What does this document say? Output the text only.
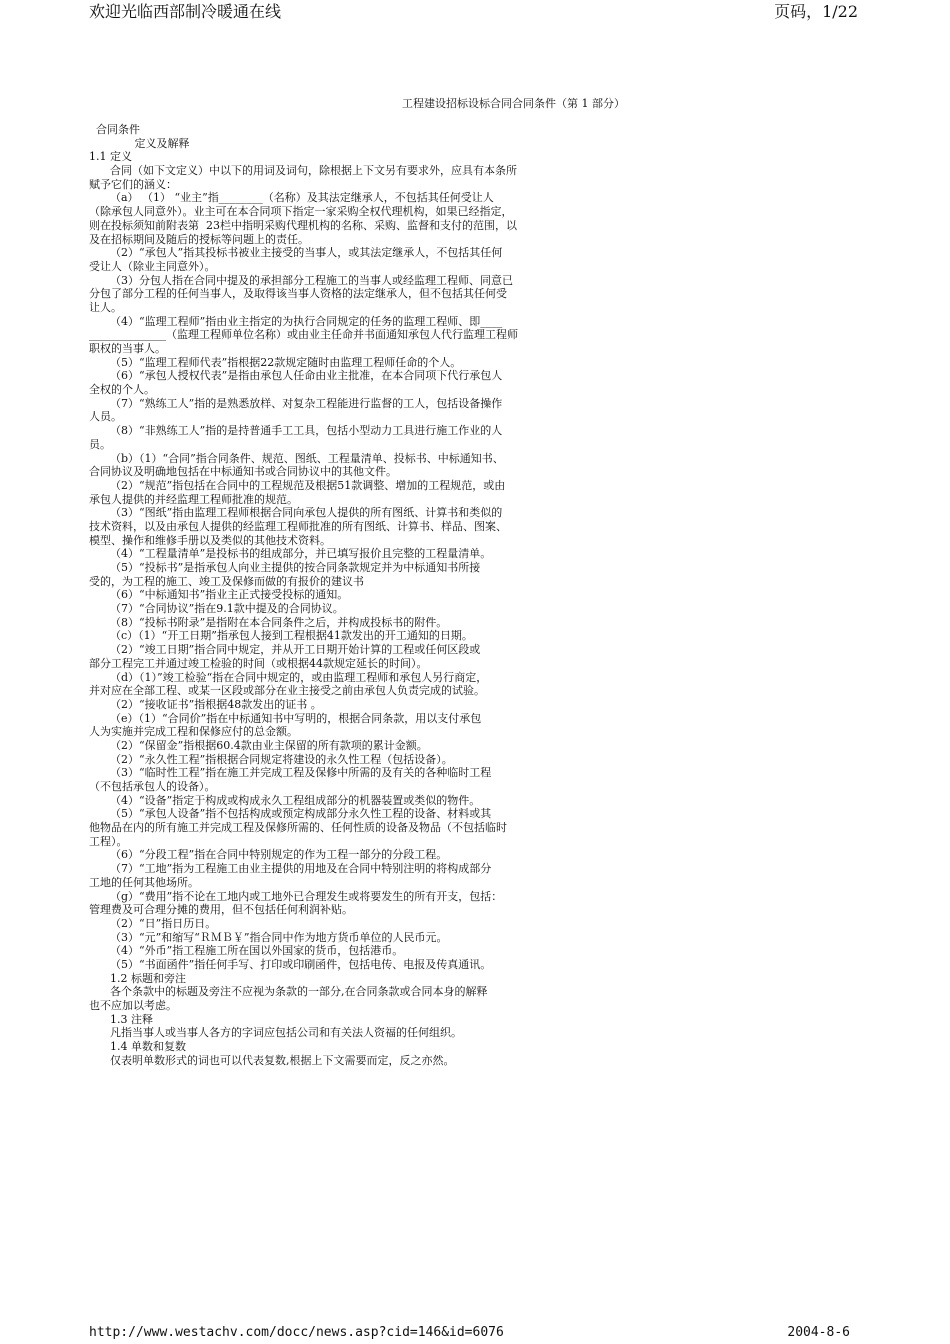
欢迎光临西部制冷暖通在线	页码，1/22
工程建设招标设标合同合同条件（第 1 部分）
合同条件
定义及解释
1.1 定义
合同（如下文定义）中以下的用词及词句，除根据上下文另有要求外，应具有本条所
赋予它们的涵义：
（a） （1） “业主”指________（名称）及其法定继承人，不包括其任何受让人
（除承包人同意外）。业主可在本合同项下指定一家采购全权代理机构，如果已经指定，
则在投标须知前附表第  23栏中指明采购代理机构的名称、采购、监督和支付的范围，以
及在招标期间及随后的授标等问题上的责任。
（2）“承包人”指其投标书被业主接受的当事人，或其法定继承人，不包括其任何
受让人（除业主同意外）。
（3）分包人指在合同中提及的承担部分工程施工的当事人或经监理工程师、同意已
分包了部分工程的任何当事人，及取得该当事人资格的法定继承人，但不包括其任何受
让人。
（4）“监理工程师”指由业主指定的为执行合同规定的任务的监理工程师、即____
______________（监理工程师单位名称）或由业主任命并书面通知承包人代行监理工程师
职权的当事人。
（5）“监理工程师代表”指根据22款规定随时由监理工程师任命的个人。
（6）“承包人授权代表”是指由承包人任命由业主批准，在本合同项下代行承包人
全权的个人。
（7）“熟练工人”指的是熟悉放样、对复杂工程能进行监督的工人，包括设备操作
人员。
（8）“非熟练工人”指的是持普通手工工具，包括小型动力工具进行施工作业的人
员。
（b）（1）“合同”指合同条件、规范、图纸、工程量清单、投标书、中标通知书、
合同协议及明确地包括在中标通知书或合同协议中的其他文件。
（2）“规范”指包括在合同中的工程规范及根据51款调整、增加的工程规范，或由
承包人提供的并经监理工程师批准的规范。
（3）“图纸”指由监理工程师根据合同向承包人提供的所有图纸、计算书和类似的
技术资料，以及由承包人提供的经监理工程师批准的所有图纸、计算书、样品、图案、
模型、操作和维修手册以及类似的其他技术资料。
（4）“工程量清单”是投标书的组成部分，并已填写报价且完整的工程量清单。
（5）“投标书”是指承包人向业主提供的按合同条款规定并为中标通知书所接
受的，为工程的施工、竣工及保修而做的有报价的建议书
（6）“中标通知书”指业主正式接受投标的通知。
（7）“合同协议”指在9.1款中提及的合同协议。
（8）“投标书附录”是指附在本合同条件之后，并构成投标书的附件。
（c）（1）“开工日期”指承包人接到工程根据41款发出的开工通知的日期。
（2）“竣工日期”指合同中规定，并从开工日期开始计算的工程或任何区段或
部分工程完工并通过竣工检验的时间（或根据44款规定延长的时间）。
（d）（1）”竣工检验“指在合同中规定的，或由监理工程师和承包人另行商定，
并对应在全部工程、或某一区段或部分在业主接受之前由承包人负责完成的试验。
（2）“接收证书”指根据48款发出的证书 。
（e）（1）“合同价”指在中标通知书中写明的，根据合同条款，用以支付承包
人为实施并完成工程和保修应付的总金额。
（2）“保留金”指根据60.4款由业主保留的所有款项的累计金额。
（2）“永久性工程”指根据合同规定将建设的永久性工程（包括设备）。
（3）“临时性工程”指在施工并完成工程及保修中所需的及有关的各种临时工程
（不包括承包人的设备）。
（4）“设备”指定于构成或构成永久工程组成部分的机器装置或类似的物件。
（5）“承包人设备”指不包括构成或预定构成部分永久性工程的设备、材料或其
他物品在内的所有施工并完成工程及保修所需的、任何性质的设备及物品（不包括临时
工程）。
（6）“分段工程”指在合同中特别规定的作为工程一部分的分段工程。
（7）“工地”指为工程施工由业主提供的用地及在合同中特别注明的将构成部分
工地的任何其他场所。
（g）“费用”指不论在工地内或工地外已合理发生或将要发生的所有开支，包括：
管理费及可合理分摊的费用，但不包括任何利润补贴。
（2）“日”指日历日。
（3）“元”和缩写“ＲＭＢ￥”指合同中作为地方货币单位的人民币元。
（4）“外币”指工程施工所在国以外国家的货币，包括港币。
（5）“书面函件”指任何手写、打印或印刷函件，包括电传、电报及传真通讯。
1.2 标题和旁注
各个条款中的标题及旁注不应视为条款的一部分,在合同条款或合同本身的解释
也不应加以考虑。
1.3 注释
凡指当事人或当事人各方的字词应包括公司和有关法人资福的任何组织。
1.4 单数和复数
仅表明单数形式的词也可以代表复数,根据上下文需要而定，反之亦然。
http://www.westachv.com/docc/news.asp?cid=146&id=6076	2004-8-6
